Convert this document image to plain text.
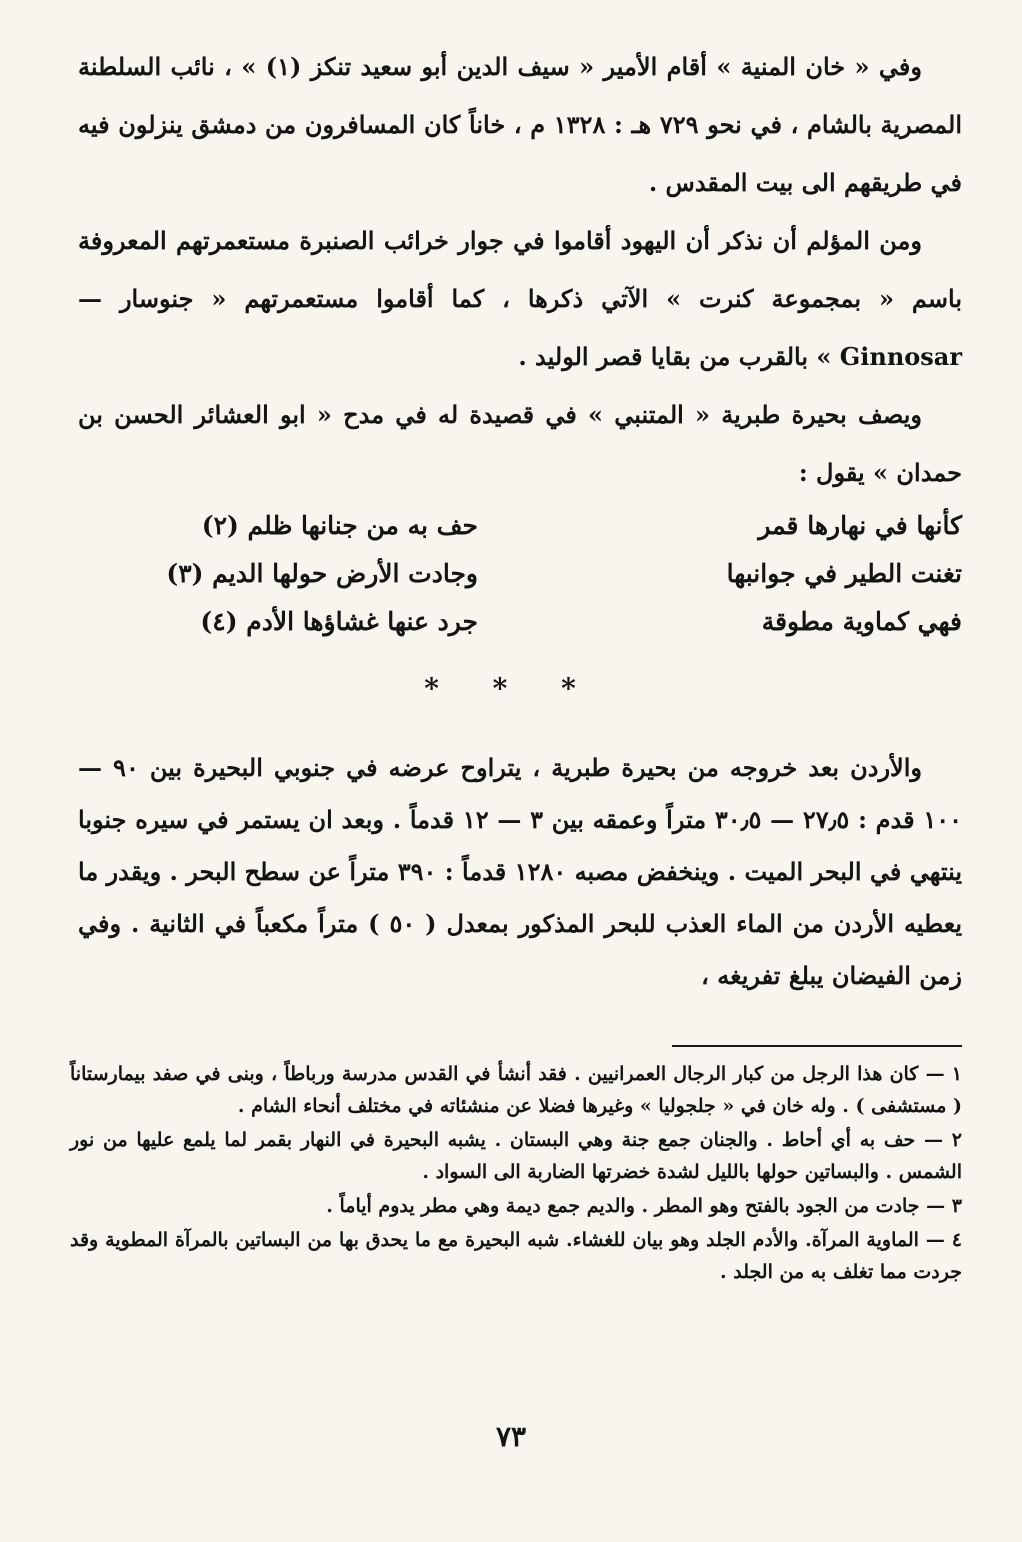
وفي « خان المنية » أقام الأمير « سيف الدين أبو سعيد تنكز (١) » ، نائب السلطنة المصرية بالشام ، في نحو ٧٢٩ هـ : ١٣٢٨ م ، خاناً كان المسافرون من دمشق ينزلون فيه في طريقهم الى بيت المقدس .

ومن المؤلم أن نذكر أن اليهود أقاموا في جوار خرائب الصنبرة مستعمرتهم المعروفة باسم « بمجموعة كنرت » الآتي ذكرها ، كما أقاموا مستعمرتهم « جنوسار — Ginnosar » بالقرب من بقايا قصر الوليد .

ويصف بحيرة طبرية « المتنبي » في قصيدة له في مدح « ابو العشائر الحسن بن حمدان » يقول :

كأنها في نهارها قمر
حف به من جنانها ظلم (٢)
تغنت الطير في جوانبها
وجادت الأرض حولها الديم (٣)
فهي كماوية مطوقة
جرد عنها غشاؤها الأدم (٤)
* * *

والأردن بعد خروجه من بحيرة طبرية ، يتراوح عرضه في جنوبي البحيرة بين ٩٠ — ١٠٠ قدم : ٢٧٫٥ — ٣٠٫٥ متراً وعمقه بين ٣ — ١٢ قدماً . وبعد ان يستمر في سيره جنوبا ينتهي في البحر الميت . وينخفض مصبه ١٢٨٠ قدماً : ٣٩٠ متراً عن سطح البحر . ويقدر ما يعطيه الأردن من الماء العذب للبحر المذكور بمعدل ( ٥٠ ) متراً مكعباً في الثانية . وفي زمن الفيضان يبلغ تفريغه ،

١ — كان هذا الرجل من كبار الرجال العمرانيين . فقد أنشأ في القدس مدرسة ورباطاً ، وبنى في صفد بيمارستاناً ( مستشفى ) . وله خان في « جلجوليا » وغيرها فضلا عن منشئاته في مختلف أنحاء الشام .

٢ — حف به أي أحاط . والجنان جمع جنة وهي البستان . يشبه البحيرة في النهار بقمر لما يلمع عليها من نور الشمس . والبساتين حولها بالليل لشدة خضرتها الضاربة الى السواد .

٣ — جادت من الجود بالفتح وهو المطر . والديم جمع ديمة وهي مطر يدوم أياماً .

٤ — الماوية المرآة. والأدم الجلد وهو بيان للغشاء. شبه البحيرة مع ما يحدق بها من البساتين بالمرآة المطوية وقد جردت مما تغلف به من الجلد .

٧٣
